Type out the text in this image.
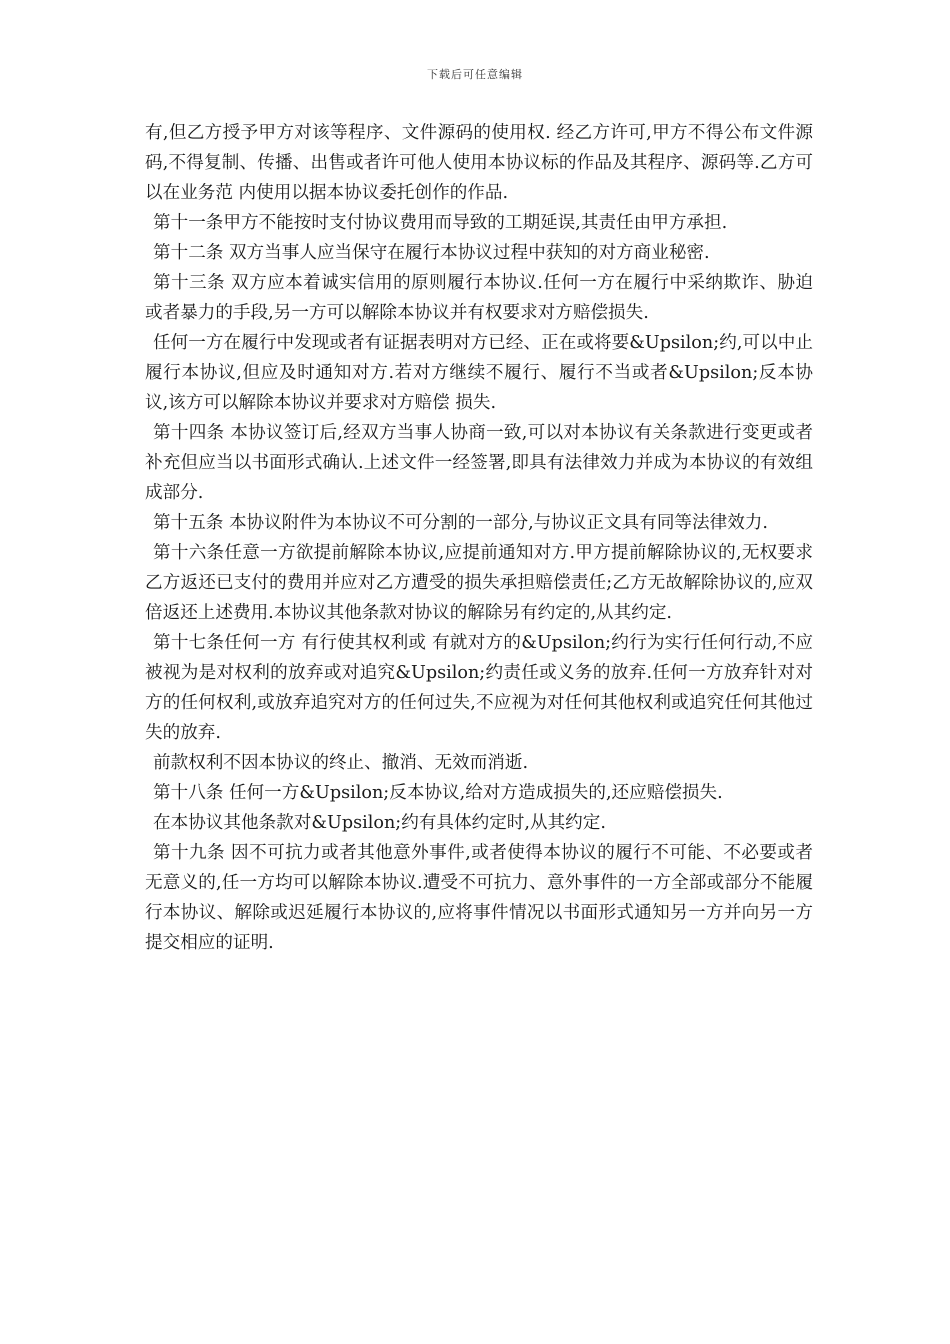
下载后可任意编辑

有,但乙方授予甲方对该等程序、文件源码的使用权. 经乙方许可,甲方不得公布文件源码,不得复制、传播、出售或者许可他人使用本协议标的作品及其程序、源码等.乙方可以在业务范 内使用以据本协议委托创作的作品.

第十一条甲方不能按时支付协议费用而导致的工期延误,其责任由甲方承担.

第十二条 双方当事人应当保守在履行本协议过程中获知的对方商业秘密.

第十三条 双方应本着诚实信用的原则履行本协议.任何一方在履行中采纳欺诈、胁迫或者暴力的手段,另一方可以解除本协议并有权要求对方赔偿损失.

任何一方在履行中发现或者有证据表明对方已经、正在或将要&Upsilon;约,可以中止履行本协议,但应及时通知对方.若对方继续不履行、履行不当或者&Upsilon;反本协议,该方可以解除本协议并要求对方赔偿 损失.

第十四条 本协议签订后,经双方当事人协商一致,可以对本协议有关条款进行变更或者补充但应当以书面形式确认.上述文件一经签署,即具有法律效力并成为本协议的有效组成部分.

第十五条 本协议附件为本协议不可分割的一部分,与协议正文具有同等法律效力.

第十六条任意一方欲提前解除本协议,应提前通知对方.甲方提前解除协议的,无权要求乙方返还已支付的费用并应对乙方遭受的损失承担赔偿责任;乙方无故解除协议的,应双倍返还上述费用.本协议其他条款对协议的解除另有约定的,从其约定.

第十七条任何一方 有行使其权利或 有就对方的&Upsilon;约行为实行任何行动,不应被视为是对权利的放弃或对追究&Upsilon;约责任或义务的放弃.任何一方放弃针对对方的任何权利,或放弃追究对方的任何过失,不应视为对任何其他权利或追究任何其他过失的放弃.

前款权利不因本协议的终止、撤消、无效而消逝.

第十八条 任何一方&Upsilon;反本协议,给对方造成损失的,还应赔偿损失.

在本协议其他条款对&Upsilon;约有具体约定时,从其约定.

第十九条 因不可抗力或者其他意外事件,或者使得本协议的履行不可能、不必要或者无意义的,任一方均可以解除本协议.遭受不可抗力、意外事件的一方全部或部分不能履行本协议、解除或迟延履行本协议的,应将事件情况以书面形式通知另一方并向另一方提交相应的证明.
